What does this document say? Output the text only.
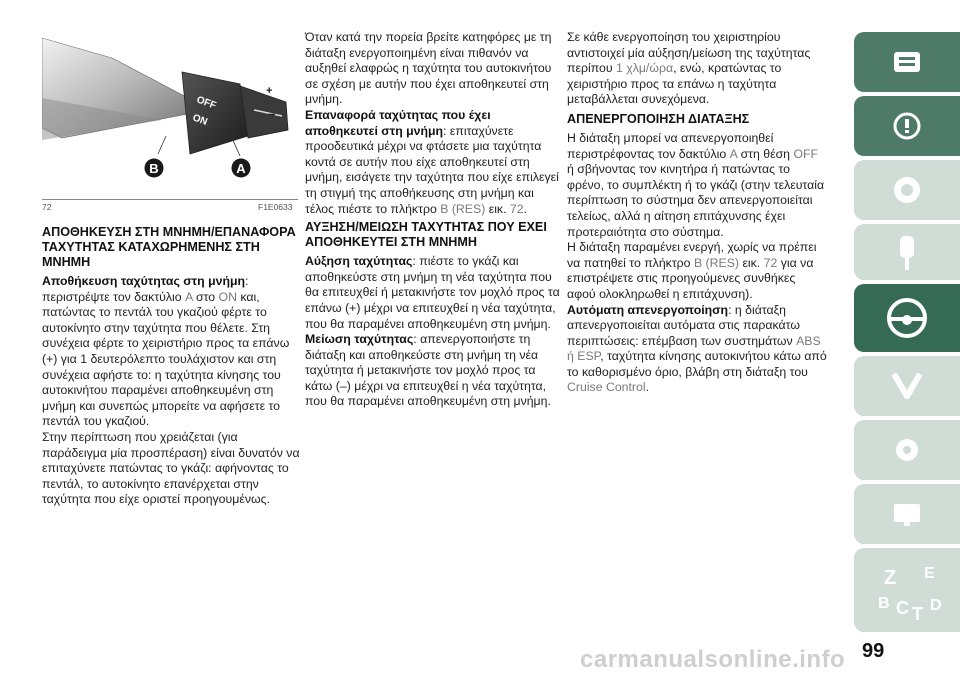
OFF
ON
+
–
B	A
72	F1E0633
ΑΠΟΘΗΚΕΥΣΗ ΣΤΗ ΜΝΗΜΗ/ΕΠΑΝΑΦΟΡΑ ΤΑΧΥΤΗΤΑΣ ΚΑΤΑΧΩΡΗΜΕΝΗΣ ΣΤΗ ΜΝΗΜΗ

Αποθήκευση ταχύτητας στη μνήμη: περιστρέψτε τον δακτύλιο A στο ON και, πατώντας το πεντάλ του γκαζιού φέρτε το αυτοκίνητο στην ταχύτητα που θέλετε. Στη συνέχεια φέρτε το χειριστήριο προς τα επάνω (+) για 1 δευτερόλεπτο τουλάχιστον και στη συνέχεια αφήστε το: η ταχύτητα κίνησης του αυτοκινήτου παραμένει αποθηκευμένη στη μνήμη και συνεπώς μπορείτε να αφήσετε το πεντάλ του γκαζιού.

Στην περίπτωση που χρειάζεται (για παράδειγμα μία προσπέραση) είναι δυνατόν να επιταχύνετε πατώντας το γκάζι: αφήνοντας το πεντάλ, το αυτοκίνητο επανέρχεται στην ταχύτητα που είχε οριστεί προηγουμένως.

Όταν κατά την πορεία βρείτε κατηφόρες με τη διάταξη ενεργοποιημένη είναι πιθανόν να αυξηθεί ελαφρώς η ταχύτητα του αυτοκινήτου σε σχέση με αυτήν που έχει αποθηκευτεί στη μνήμη.

Επαναφορά ταχύτητας που έχει αποθηκευτεί στη μνήμη: επιταχύνετε προοδευτικά μέχρι να φτάσετε μια ταχύτητα κοντά σε αυτήν που είχε αποθηκευτεί στη μνήμη, εισάγετε την ταχύτητα που είχε επιλεγεί τη στιγμή της αποθήκευσης στη μνήμη και τέλος πιέστε το πλήκτρο B (RES) εικ. 72.

ΑΥΞΗΣΗ/ΜΕΙΩΣΗ ΤΑΧΥΤΗΤΑΣ ΠΟΥ ΕΧΕΙ ΑΠΟΘΗΚΕΥΤΕΙ ΣΤΗ ΜΝΗΜΗ

Αύξηση ταχύτητας: πιέστε το γκάζι και αποθηκεύστε στη μνήμη τη νέα ταχύτητα που θα επιτευχθεί ή μετακινήστε τον μοχλό προς τα επάνω (+) μέχρι να επιτευχθεί η νέα ταχύτητα, που θα παραμένει αποθηκευμένη στη μνήμη.

Μείωση ταχύτητας: απενεργοποιήστε τη διάταξη και αποθηκεύστε στη μνήμη τη νέα ταχύτητα ή μετακινήστε τον μοχλό προς τα κάτω (–) μέχρι να επιτευχθεί η νέα ταχύτητα, που θα παραμένει αποθηκευμένη στη μνήμη.

Σε κάθε ενεργοποίηση του χειριστηρίου αντιστοιχεί μία αύξηση/μείωση της ταχύτητας περίπου 1 χλμ/ώρα, ενώ, κρατώντας το χειριστήριο προς τα επάνω η ταχύτητα μεταβάλλεται συνεχόμενα.

ΑΠΕΝΕΡΓΟΠΟΙΗΣΗ ΔΙΑΤΑΞΗΣ

Η διάταξη μπορεί να απενεργοποιηθεί περιστρέφοντας τον δακτύλιο A στη θέση OFF ή σβήνοντας τον κινητήρα ή πατώντας το φρένο, το συμπλέκτη ή το γκάζι (στην τελευταία περίπτωση το σύστημα δεν απενεργοποιείται τελείως, αλλά η αίτηση επιτάχυνσης έχει προτεραιότητα στο σύστημα.

Η διάταξη παραμένει ενεργή, χωρίς να πρέπει να πατηθεί το πλήκτρο B (RES) εικ. 72 για να επιστρέψετε στις προηγούμενες συνθήκες αφού ολοκληρωθεί η επιτάχυνση).

Αυτόματη απενεργοποίηση: η διάταξη απενεργοποιείται αυτόματα στις παρακάτω περιπτώσεις: επέμβαση των συστημάτων ABS ή ESP, ταχύτητα κίνησης αυτοκινήτου κάτω από το καθορισμένο όριο, βλάβη στη διάταξη του Cruise Control.

Z E
B C T D
99
carmanualsonline.info
